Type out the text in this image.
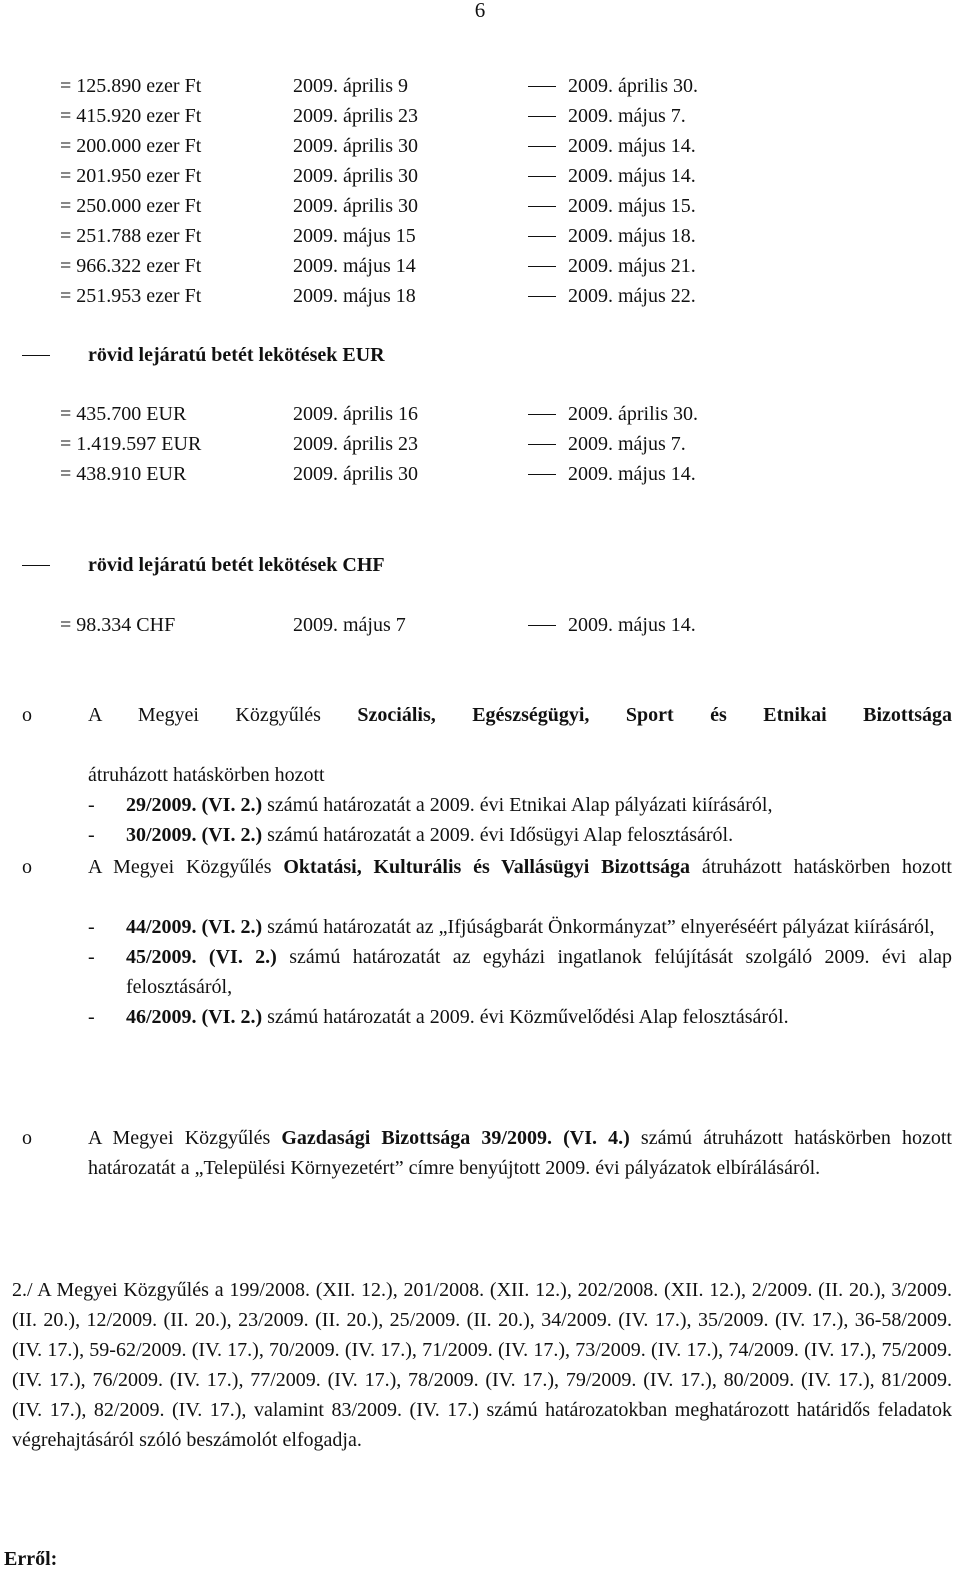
6
= 125.890 ezer Ft	2009. április 9	2009. április 30.
= 415.920 ezer Ft	2009. április 23	2009. május 7.
= 200.000 ezer Ft	2009. április 30	2009. május 14.
= 201.950 ezer Ft	2009. április 30	2009. május 14.
= 250.000 ezer Ft	2009. április 30	2009. május 15.
= 251.788 ezer Ft	2009. május 15	2009. május 18.
= 966.322 ezer Ft	2009. május 14	2009. május 21.
= 251.953 ezer Ft	2009. május 18	2009. május 22.
rövid lejáratú betét lekötések EUR
= 435.700 EUR	2009. április 16	2009. április 30.
= 1.419.597 EUR	2009. április 23	2009. május 7.
= 438.910 EUR	2009. április 30	2009. május 14.
rövid lejáratú betét lekötések CHF
= 98.334 CHF	2009. május 7	2009. május 14.
o	A Megyei Közgyűlés Szociális, Egészségügyi, Sport és Etnikai Bizottsága
átruházott hatáskörben hozott
- 29/2009. (VI. 2.) számú határozatát a 2009. évi Etnikai Alap pályázati kiírásáról,
- 30/2009. (VI. 2.) számú határozatát a 2009. évi Idősügyi Alap felosztásáról.
o	A Megyei Közgyűlés Oktatási, Kulturális és Vallásügyi Bizottsága átruházott hatáskörben hozott
- 44/2009. (VI. 2.) számú határozatát az „Ifjúságbarát Önkormányzat” elnyeréséért pályázat kiírásáról,
- 45/2009. (VI. 2.) számú határozatát az egyházi ingatlanok felújítását szolgáló 2009. évi alap felosztásáról,
- 46/2009. (VI. 2.) számú határozatát a 2009. évi Közművelődési Alap felosztásáról.
o	A Megyei Közgyűlés Gazdasági Bizottsága 39/2009. (VI. 4.) számú átruházott hatáskörben hozott határozatát a „Települési Környezetért” címre benyújtott 2009. évi pályázatok elbírálásáról.
2./ A Megyei Közgyűlés a 199/2008. (XII. 12.), 201/2008. (XII. 12.), 202/2008. (XII. 12.), 2/2009. (II. 20.), 3/2009. (II. 20.), 12/2009. (II. 20.), 23/2009. (II. 20.), 25/2009. (II. 20.), 34/2009. (IV. 17.), 35/2009. (IV. 17.), 36-58/2009. (IV. 17.), 59-62/2009. (IV. 17.), 70/2009. (IV. 17.), 71/2009. (IV. 17.), 73/2009. (IV. 17.), 74/2009. (IV. 17.), 75/2009. (IV. 17.), 76/2009. (IV. 17.), 77/2009. (IV. 17.), 78/2009. (IV. 17.), 79/2009. (IV. 17.), 80/2009. (IV. 17.), 81/2009. (IV. 17.), 82/2009. (IV. 17.), valamint 83/2009. (IV. 17.) számú határozatokban meghatározott határidős feladatok végrehajtásáról szóló beszámolót elfogadja.
Erről:
